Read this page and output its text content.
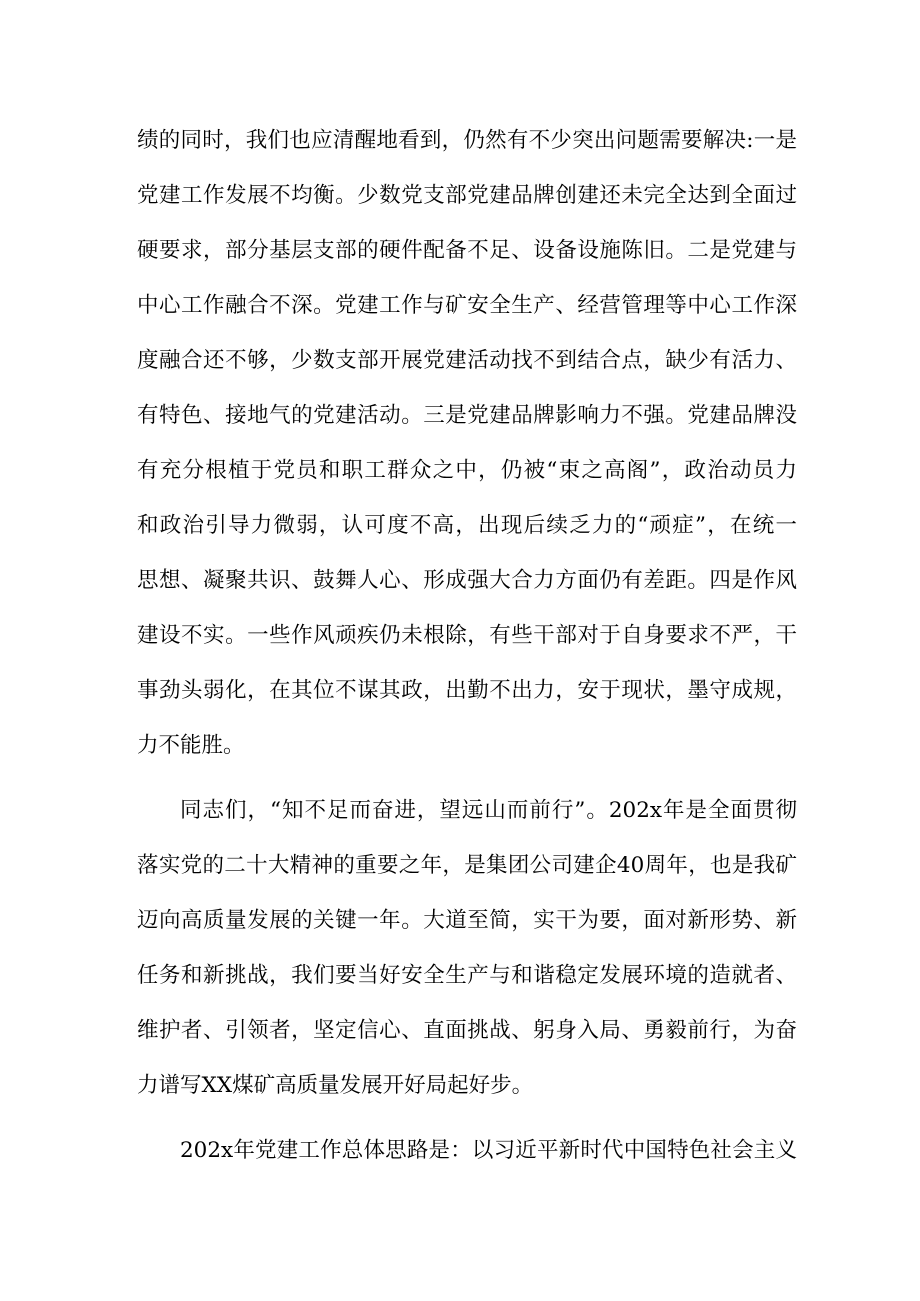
绩的同时，我们也应清醒地看到，仍然有不少突出问题需要解决:一是
党建工作发展不均衡。少数党支部党建品牌创建还未完全达到全面过
硬要求，部分基层支部的硬件配备不足、设备设施陈旧。二是党建与
中心工作融合不深。党建工作与矿安全生产、经营管理等中心工作深
度融合还不够，少数支部开展党建活动找不到结合点，缺少有活力、
有特色、接地气的党建活动。三是党建品牌影响力不强。党建品牌没
有充分根植于党员和职工群众之中，仍被“束之高阁”，政治动员力
和政治引导力微弱，认可度不高，出现后续乏力的“顽症”，在统一
思想、凝聚共识、鼓舞人心、形成强大合力方面仍有差距。四是作风
建设不实。一些作风顽疾仍未根除，有些干部对于自身要求不严，干
事劲头弱化，在其位不谋其政，出勤不出力，安于现状，墨守成规，
力不能胜。
同志们，“知不足而奋进，望远山而前行”。202x年是全面贯彻
落实党的二十大精神的重要之年，是集团公司建企40周年，也是我矿
迈向高质量发展的关键一年。大道至简，实干为要，面对新形势、新
任务和新挑战，我们要当好安全生产与和谐稳定发展环境的造就者、
维护者、引领者，坚定信心、直面挑战、躬身入局、勇毅前行，为奋
力谱写XX煤矿高质量发展开好局起好步。
202x年党建工作总体思路是：以习近平新时代中国特色社会主义
